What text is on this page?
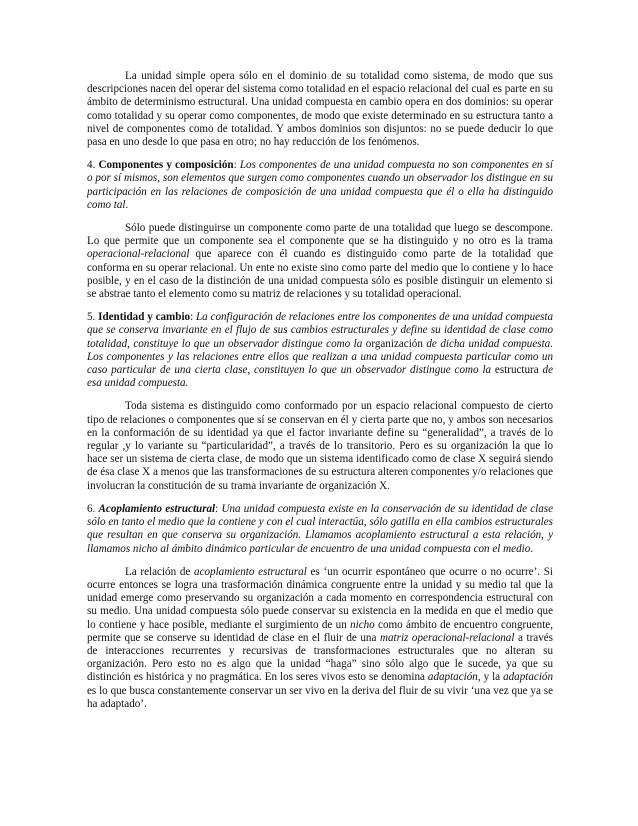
La unidad simple opera sólo en el dominio de su totalidad como sistema, de modo que sus descripciones nacen del operar del sistema como totalidad en el espacio relacional del cual es parte en su ámbito de determinismo estructural. Una unidad compuesta en cambio opera en dos dominios: su operar como totalidad y su operar como componentes, de modo que existe determinado en su estructura tanto a nivel de componentes como de totalidad. Y ambos dominios son disjuntos: no se puede deducir lo que pasa en uno desde lo que pasa en otro; no hay reducción de los fenómenos.

4. Componentes y composición: Los componentes de una unidad compuesta no son componentes en sí o por sí mismos, son elementos que surgen como componentes cuando un observador los distingue en su participación en las relaciones de composición de una unidad compuesta que él o ella ha distinguido como tal.

Sólo puede distinguirse un componente como parte de una totalidad que luego se descompone. Lo que permite que un componente sea el componente que se ha distinguido y no otro es la trama operacional-relacional que aparece con él cuando es distinguido como parte de la totalidad que conforma en su operar relacional. Un ente no existe sino como parte del medio que lo contiene y lo hace posible, y en el caso de la distinción de una unidad compuesta sólo es posible distinguir un elemento si se abstrae tanto el elemento como su matriz de relaciones y su totalidad operacional.

5. Identidad y cambio: La configuración de relaciones entre los componentes de una unidad compuesta que se conserva invariante en el flujo de sus cambios estructurales y define su identidad de clase como totalidad, constituye lo que un observador distingue como la organización de dicha unidad compuesta. Los componentes y las relaciones entre ellos que realizan a una unidad compuesta particular como un caso particular de una cierta clase, constituyen lo que un observador distingue como la estructura de esa unidad compuesta.

Toda sistema es distinguido como conformado por un espacio relacional compuesto de cierto tipo de relaciones o componentes que sí se conservan en él y cierta parte que no, y ambos son necesarios en la conformación de su identidad ya que el factor invariante define su “generalidad”, a través de lo regular ,y lo variante su “particularidad”, a través de lo transitorio. Pero es su organización la que lo hace ser un sistema de cierta clase, de modo que un sistema identificado como de clase X seguirá siendo de ésa clase X a menos que las transformaciones de su estructura alteren componentes y/o relaciones que involucran la constitución de su trama invariante de organización X.

6. Acoplamiento estructural: Una unidad compuesta existe en la conservación de su identidad de clase sólo en tanto el medio que la contiene y con el cual interactúa, sólo gatilla en ella cambios estructurales que resultan en que conserva su organización. Llamamos acoplamiento estructural a esta relación, y llamamos nicho al ámbito dinámico particular de encuentro de una unidad compuesta con el medio.

La relación de acoplamiento estructural es ‘un ocurrir espontáneo que ocurre o no ocurre’. Si ocurre entonces se logra una trasformación dinámica congruente entre la unidad y su medio tal que la unidad emerge como preservando su organización a cada momento en correspondencia estructural con su medio. Una unidad compuesta sólo puede conservar su existencia en la medida en que el medio que lo contiene y hace posible, mediante el surgimiento de un nicho como ámbito de encuentro congruente, permite que se conserve su identidad de clase en el fluir de una matriz operacional-relacional a través de interacciones recurrentes y recursivas de transformaciones estructurales que no alteran su organización. Pero esto no es algo que la unidad “haga” sino sólo algo que le sucede, ya que su distinción es histórica y no pragmática. En los seres vivos esto se denomina adaptación, y la adaptación es lo que busca constantemente conservar un ser vivo en la deriva del fluir de su vivir ‘una vez que ya se ha adaptado’.
